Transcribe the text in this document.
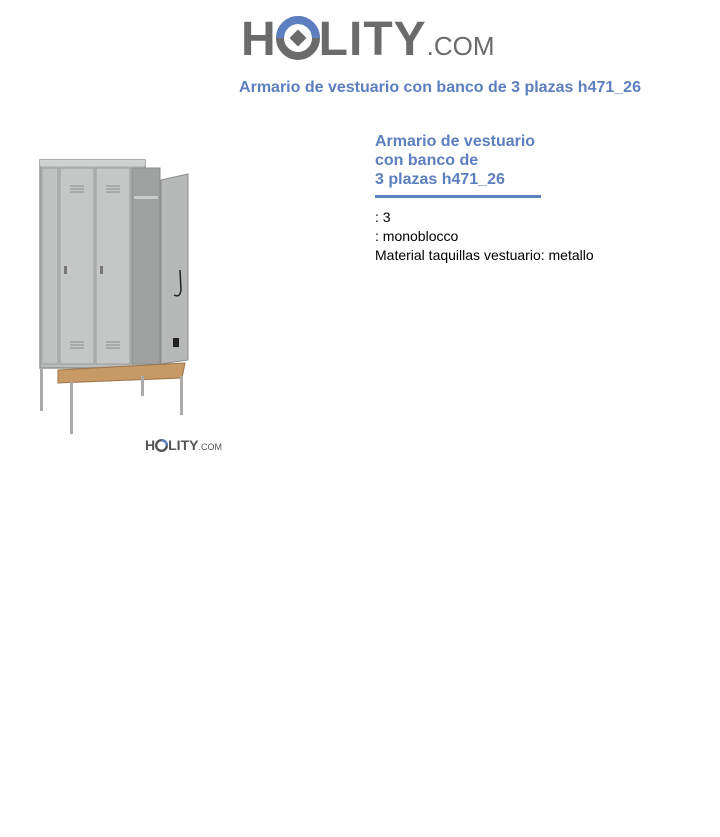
H LITY.COM
Armario de vestuario con banco de 3 plazas h471_26
H LITY.COM
Armario de vestuario
con banco de
3 plazas h471_26
: 3
: monoblocco
Material taquillas vestuario: metallo
